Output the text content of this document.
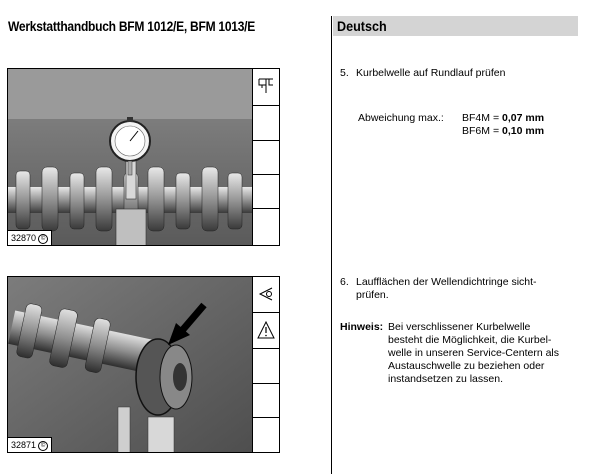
Werkstatthandbuch BFM 1012/E, BFM 1013/E	Deutsch
32870 ©
32871 ©
5. Kurbelwelle auf Rundlauf prüfen
Abweichung max.: BF4M = 0,07 mm
BF6M = 0,10 mm
6. Laufflächen der Wellendichtringe sicht-
prüfen.
Hinweis: Bei verschlissener Kurbelwelle
besteht die Möglichkeit, die Kurbel-
welle in unseren Service-Centern als
Austauschwelle zu beziehen oder
instandsetzen zu lassen.
